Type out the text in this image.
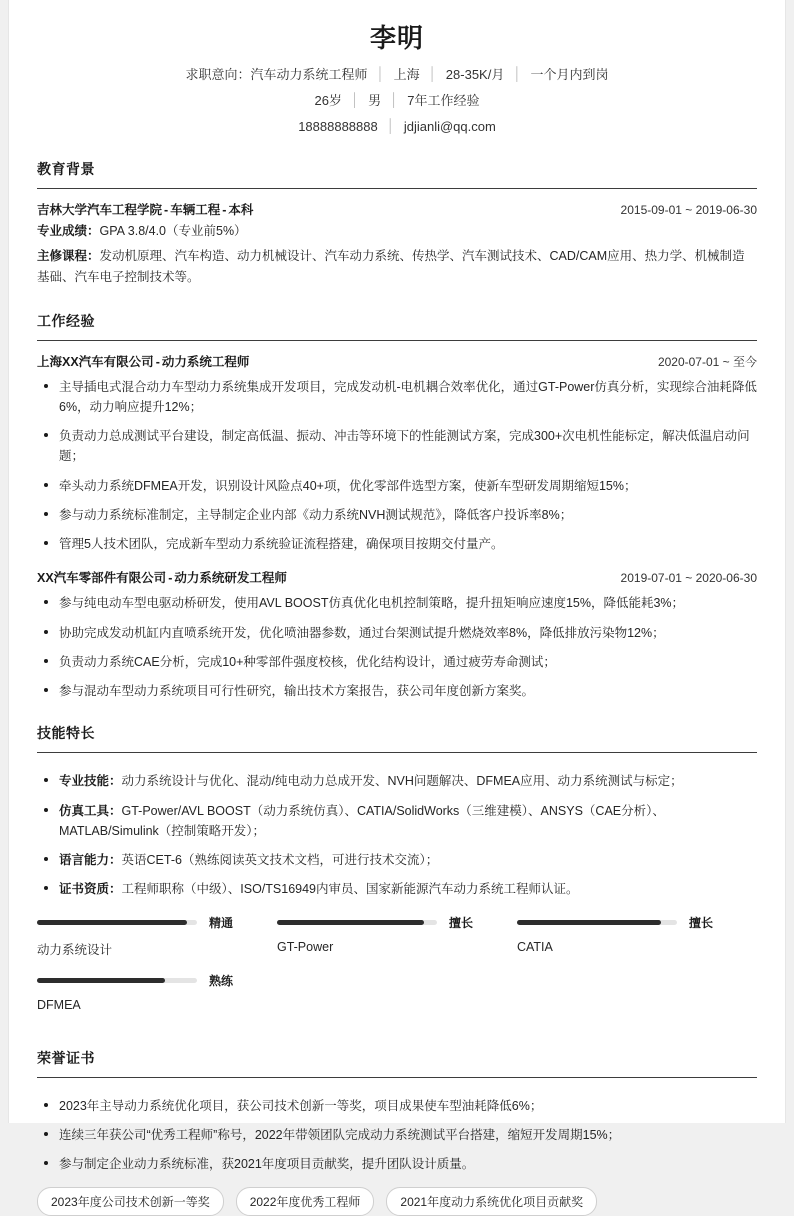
李明
求职意向：汽车动力系统工程师 │ 上海 │ 28-35K/月 │ 一个月内到岗
26岁 │ 男 │ 7年工作经验
18888888888 │ jdjianli@qq.com
教育背景
吉林大学汽车工程学院 - 车辆工程 - 本科	2015-09-01 ~ 2019-06-30
专业成绩：GPA 3.8/4.0（专业前5%）
主修课程：发动机原理、汽车构造、动力机械设计、汽车动力系统、传热学、汽车测试技术、CAD/CAM应用、热力学、机械制造基础、汽车电子控制技术等。
工作经验
上海XX汽车有限公司 - 动力系统工程师	2020-07-01 ~ 至今
主导插电式混合动力车型动力系统集成开发项目，完成发动机-电机耦合效率优化，通过GT-Power仿真分析，实现综合油耗降低6%，动力响应提升12%；
负责动力总成测试平台建设，制定高低温、振动、冲击等环境下的性能测试方案，完成300+次电机性能标定，解决低温启动问题；
牵头动力系统DFMEA开发，识别设计风险点40+项，优化零部件选型方案，使新车型研发周期缩短15%；
参与动力系统标准制定，主导制定企业内部《动力系统NVH测试规范》，降低客户投诉率8%；
管理5人技术团队，完成新车型动力系统验证流程搭建，确保项目按期交付量产。
XX汽车零部件有限公司 - 动力系统研发工程师	2019-07-01 ~ 2020-06-30
参与纯电动车型电驱动桥研发，使用AVL BOOST仿真优化电机控制策略，提升扭矩响应速度15%，降低能耗3%；
协助完成发动机缸内直喷系统开发，优化喷油器参数，通过台架测试提升燃烧效率8%，降低排放污染物12%；
负责动力系统CAE分析，完成10+种零部件强度校核，优化结构设计，通过疲劳寿命测试；
参与混动车型动力系统项目可行性研究，输出技术方案报告，获公司年度创新方案奖。
技能特长
专业技能：动力系统设计与优化、混动/纯电动力总成开发、NVH问题解决、DFMEA应用、动力系统测试与标定；
仿真工具：GT-Power/AVL BOOST（动力系统仿真）、CATIA/SolidWorks（三维建模）、ANSYS（CAE分析）、MATLAB/Simulink（控制策略开发）；
语言能力：英语CET-6（熟练阅读英文技术文档，可进行技术交流）；
证书资质：工程师职称（中级）、ISO/TS16949内审员、国家新能源汽车动力系统工程师认证。
精通
动力系统设计
擅长
GT-Power
擅长
CATIA
熟练
DFMEA
荣誉证书
2023年主导动力系统优化项目，获公司技术创新一等奖，项目成果使车型油耗降低6%；
连续三年获公司“优秀工程师”称号，2022年带领团队完成动力系统测试平台搭建，缩短开发周期15%；
参与制定企业动力系统标准，获2021年度项目贡献奖，提升团队设计质量。
2023年度公司技术创新一等奖	2022年度优秀工程师	2021年度动力系统优化项目贡献奖
